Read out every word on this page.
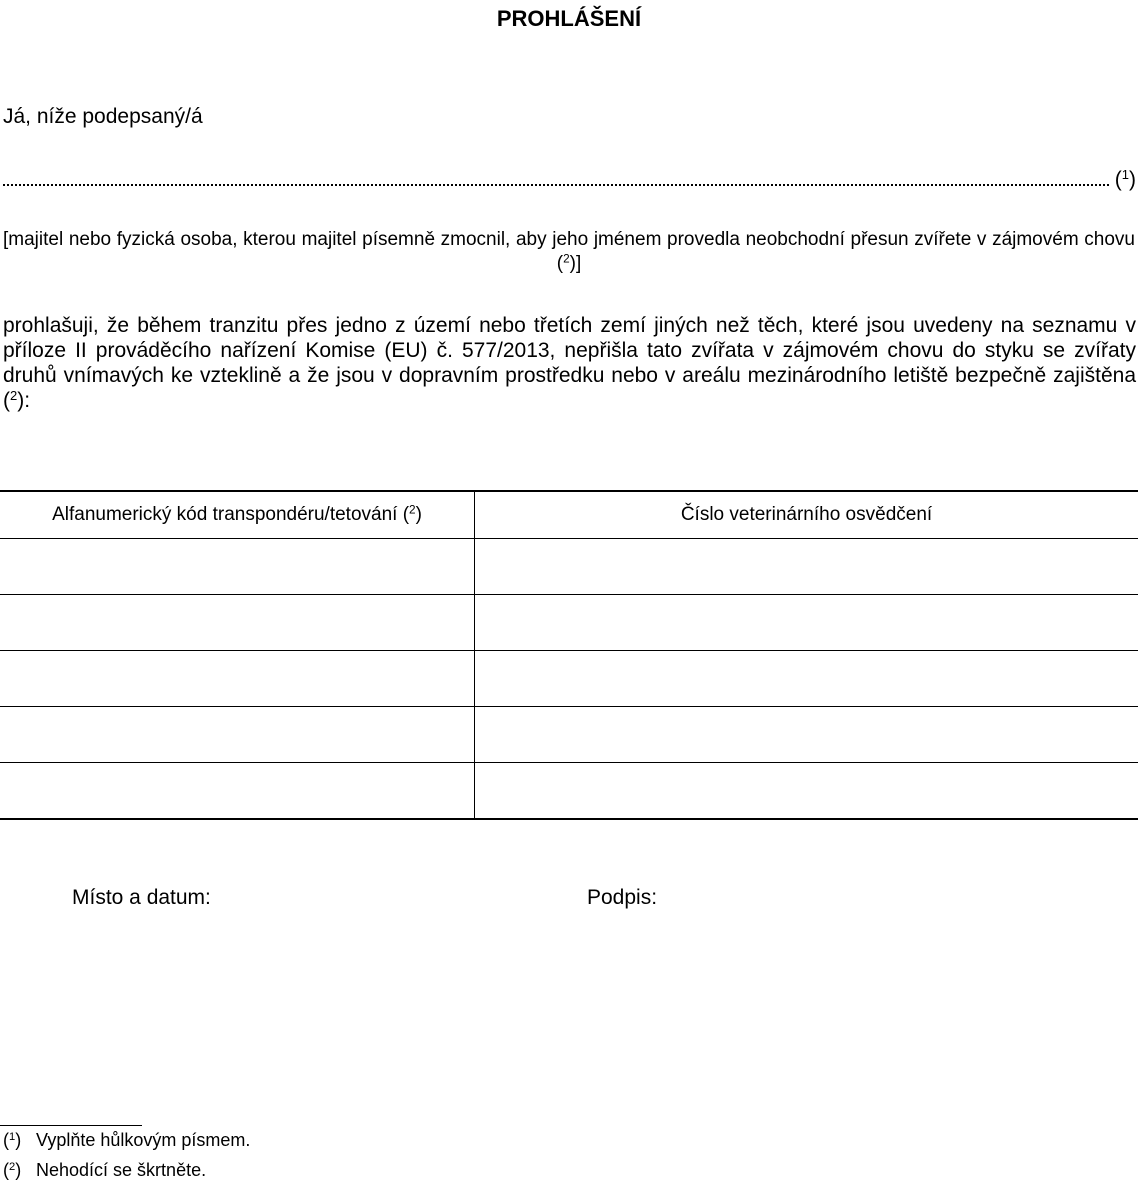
PROHLÁŠENÍ
Já, níže podepsaný/á
($^1$)
[majitel nebo fyzická osoba, kterou majitel písemně zmocnil, aby jeho jménem provedla neobchodní přesun zvířete v zájmovém chovu ($^2$)]
prohlašuji, že během tranzitu přes jedno z území nebo třetích zemí jiných než těch, které jsou uvedeny na seznamu v příloze II prováděcího nařízení Komise (EU) č. 577/2013, nepřišla tato zvířata v zájmovém chovu do styku se zvířaty druhů vnímavých ke vzteklině a že jsou v dopravním prostředku nebo v areálu mezinárodního letiště bezpečně zajištěna ($^2$):
Alfanumerický kód transpondéru/tetování ($^2$)	Číslo veterinárního osvědčení

Místo a datum:	Podpis:
($^1$) Vyplňte hůlkovým písmem.
($^2$) Nehodící se škrtněte.
